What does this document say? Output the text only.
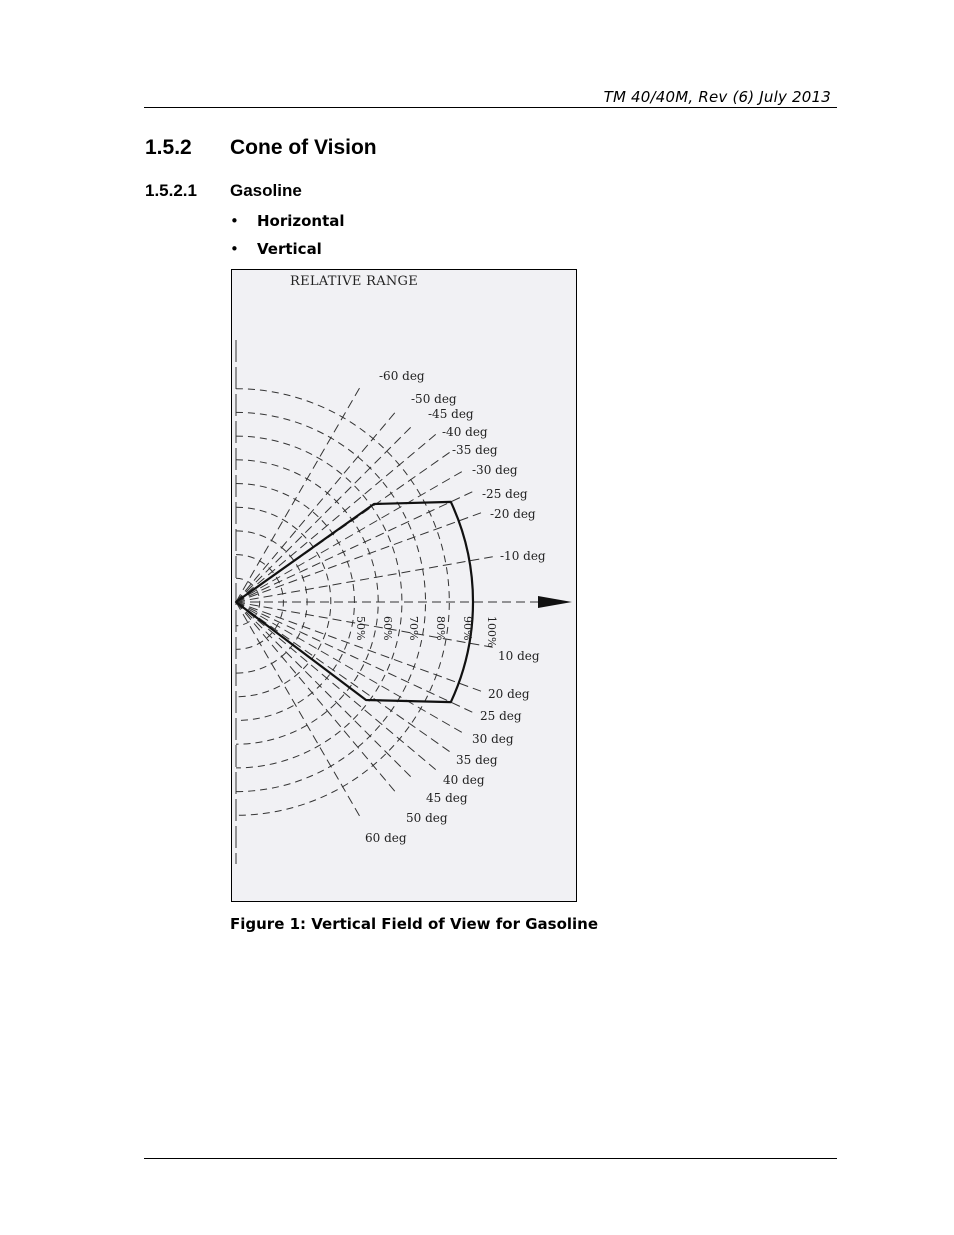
TM 40/40M, Rev (6) July 2013
1.5.2 Cone of Vision
1.5.2.1 Gasoline
• Horizontal
• Vertical
RELATIVE RANGE
50% 60% 70% 80% 90% 100%
-60 deg
-50 deg
-45 deg
-40 deg
-35 deg
-30 deg
-25 deg
-20 deg
-10 deg
10 deg
20 deg
25 deg
30 deg
35 deg
40 deg
45 deg
50 deg
60 deg
Figure 1: Vertical Field of View for Gasoline
